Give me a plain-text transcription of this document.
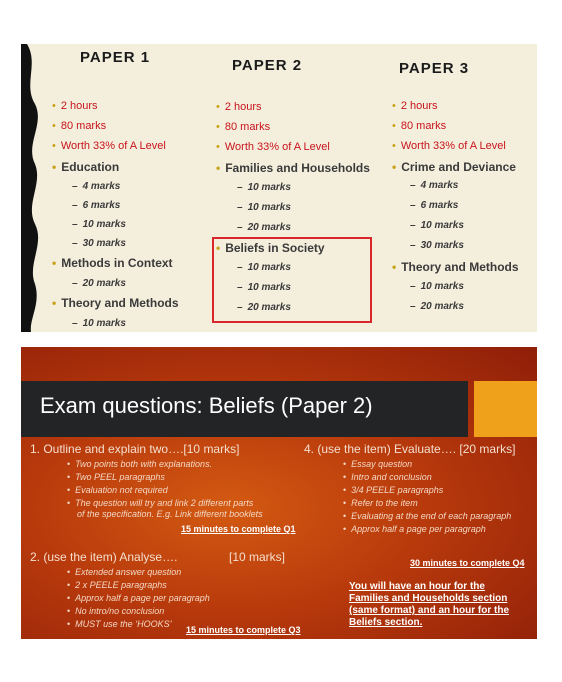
PAPER 1
• 2 hours
• 80 marks
• Worth 33% of A Level
• Education
– 4 marks
– 6 marks
– 10 marks
– 30 marks
• Methods in Context
– 20 marks
• Theory and Methods
– 10 marks
PAPER 2
• 2 hours
• 80 marks
• Worth 33% of A Level
• Families and Households
– 10 marks
– 10 marks
– 20 marks
• Beliefs in Society
– 10 marks
– 10 marks
– 20 marks
PAPER 3
• 2 hours
• 80 marks
• Worth 33% of A Level
• Crime and Deviance
– 4 marks
– 6 marks
– 10 marks
– 30 marks
• Theory and Methods
– 10 marks
– 20 marks
Exam questions: Beliefs (Paper 2)
1. Outline and explain two….[10 marks]
• Two points both with explanations.
• Two PEEL paragraphs
• Evaluation not required
• The question will try and link 2 different parts
of the specification. E.g. Link different booklets
15 minutes to complete Q1
4. (use the item) Evaluate…. [20 marks]
• Essay question
• Intro and conclusion
• 3/4 PEELE paragraphs
• Refer to the item
• Evaluating at the end of each paragraph
• Approx half a page per paragraph
2. (use the item) Analyse….	[10 marks]	30 minutes to complete Q4
• Extended answer question
• 2 x PEELE paragraphs
• Approx half a page per paragraph
• No intro/no conclusion
• MUST use the ‘HOOKS’
15 minutes to complete Q3
You will have an hour for the
Families and Households section
(same format) and an hour for the
Beliefs section.
